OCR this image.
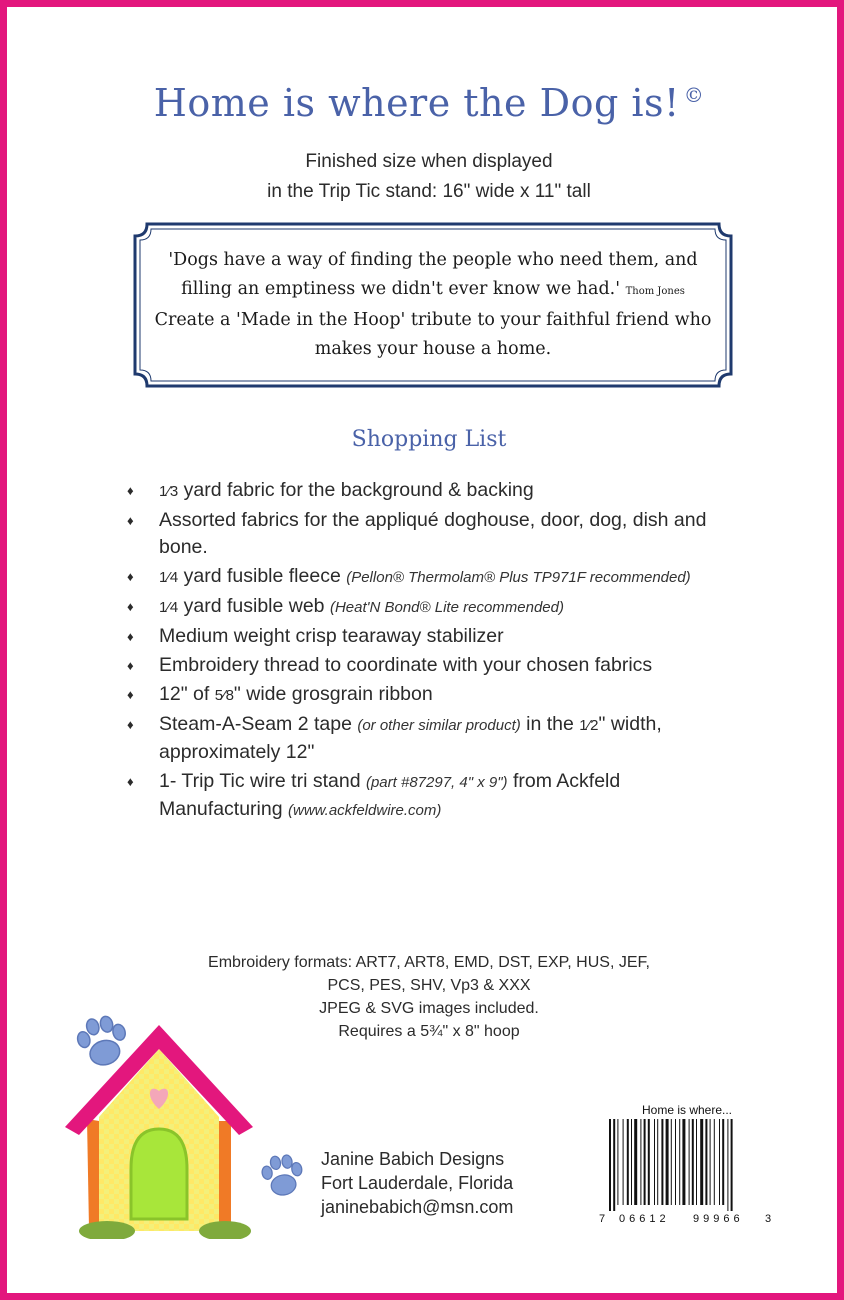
Home is where the Dog is! ©
Finished size when displayed
in the Trip Tic stand: 16" wide x 11" tall
'Dogs have a way of finding the people who need them, and
filling an emptiness we didn't ever know we had.' Thom Jones
Create a 'Made in the Hoop' tribute to your faithful friend who
makes your house a home.
Shopping List
♦ 1⁄3 yard fabric for the background & backing
♦ Assorted fabrics for the appliqué doghouse, door, dog, dish and bone.
♦ 1⁄4 yard fusible fleece (Pellon® Thermolam® Plus TP971F recommended)
♦ 1⁄4 yard fusible web (Heat'N Bond® Lite recommended)
♦ Medium weight crisp tearaway stabilizer
♦ Embroidery thread to coordinate with your chosen fabrics
♦ 12" of 5⁄8" wide grosgrain ribbon
♦ Steam-A-Seam 2 tape (or other similar product) in the 1⁄2" width, approximately 12"
♦ 1- Trip Tic wire tri stand (part #87297, 4" x 9") from Ackfeld Manufacturing (www.ackfeldwire.com)
Embroidery formats: ART7, ART8, EMD, DST, EXP, HUS, JEF,
PCS, PES, SHV, Vp3 & XXX
JPEG & SVG images included.
Requires a 5¾" x 8" hoop
Janine Babich Designs
Fort Lauderdale, Florida
janinebabich@msn.com
Home is where...
7 06612 99966 3
